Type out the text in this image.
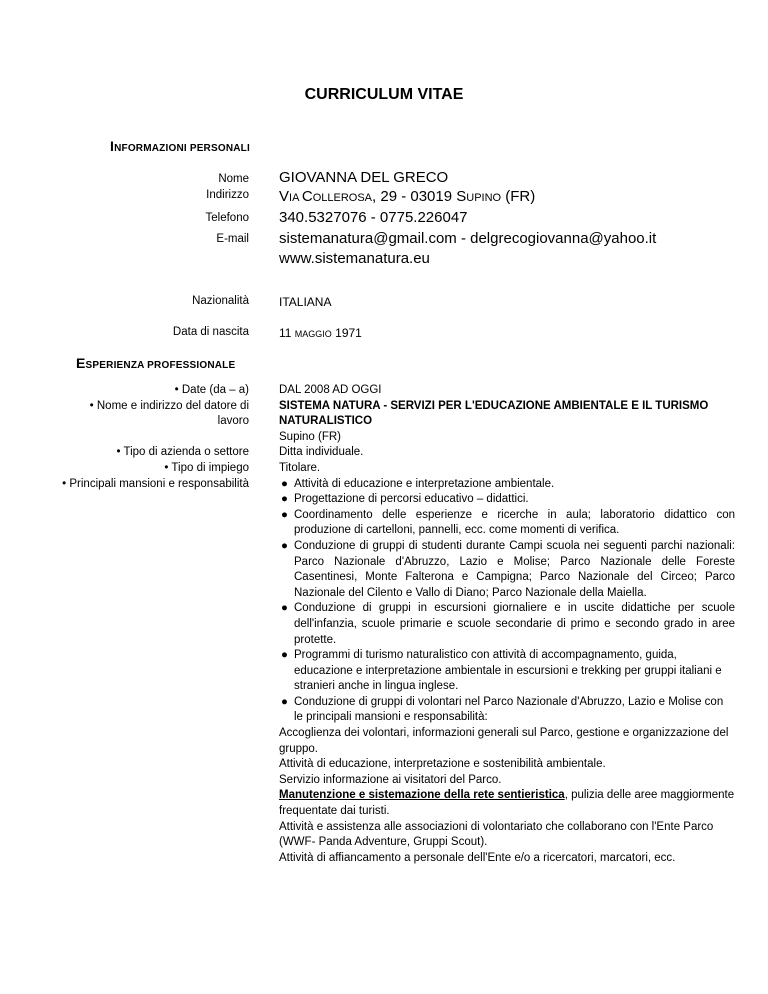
CURRICULUM VITAE
INFORMAZIONI PERSONALI
Nome GIOVANNA DEL GRECO
Indirizzo VIA COLLEROSA, 29 - 03019 SUPINO (FR)
Telefono 340.5327076 - 0775.226047
E-mail sistemanatura@gmail.com - delgrecogiovanna@yahoo.it
www.sistemanatura.eu
Nazionalità	ITALIANA
Data di nascita	11 MAGGIO 1971
ESPERIENZA PROFESSIONALE
• Date (da – a)
• Nome e indirizzo del datore di
lavoro
• Tipo di azienda o settore
• Tipo di impiego
• Principali mansioni e responsabilità

DAL 2008 AD OGGI

SISTEMA NATURA - SERVIZI PER L'EDUCAZIONE AMBIENTALE E IL TURISMO NATURALISTICO

Supino (FR)

Ditta individuale.

Titolare.

● Attività di educazione e interpretazione ambientale.
● Progettazione di percorsi educativo – didattici.
● Coordinamento delle esperienze e ricerche in aula; laboratorio didattico con produzione di cartelloni, pannelli, ecc. come momenti di verifica.
● Conduzione di gruppi di studenti durante Campi scuola nei seguenti parchi nazionali: Parco Nazionale d'Abruzzo, Lazio e Molise; Parco Nazionale delle Foreste Casentinesi, Monte Falterona e Campigna; Parco Nazionale del Circeo; Parco Nazionale del Cilento e Vallo di Diano; Parco Nazionale della Maiella.
● Conduzione di gruppi in escursioni giornaliere e in uscite didattiche per scuole dell'infanzia, scuole primarie e scuole secondarie di primo e secondo grado in aree protette.
● Programmi di turismo naturalistico con attività di accompagnamento, guida, educazione e interpretazione ambientale in escursioni e trekking per gruppi italiani e stranieri anche in lingua inglese.
● Conduzione di gruppi di volontari nel Parco Nazionale d'Abruzzo, Lazio e Molise con le principali mansioni e responsabilità:

Accoglienza dei volontari, informazioni generali sul Parco, gestione e organizzazione del gruppo.

Attività di educazione, interpretazione e sostenibilità ambientale.

Servizio informazione ai visitatori del Parco.

Manutenzione e sistemazione della rete sentieristica, pulizia delle aree maggiormente frequentate dai turisti.

Attività e assistenza alle associazioni di volontariato che collaborano con l'Ente Parco

(WWF- Panda Adventure, Gruppi Scout).

Attività di affiancamento a personale dell'Ente e/o a ricercatori, marcatori, ecc.
